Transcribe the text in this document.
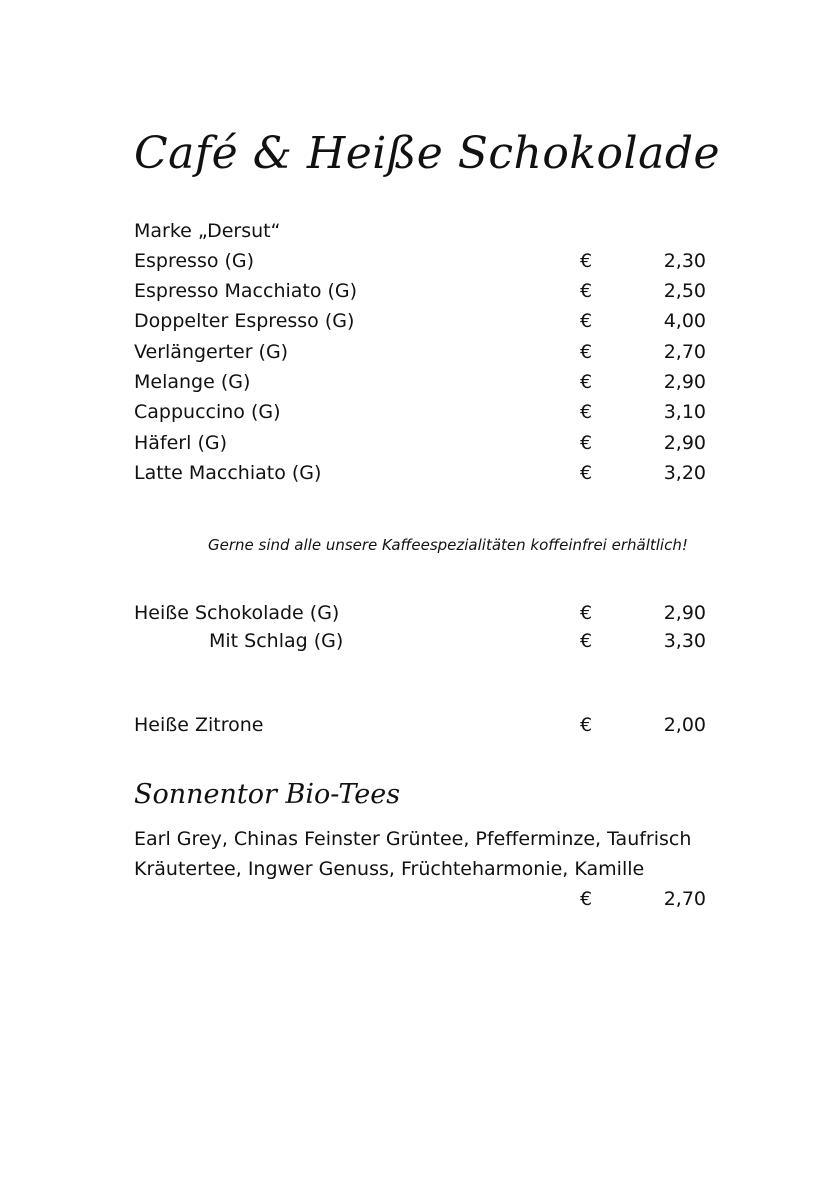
Café & Heiße Schokolade
Marke „Dersut“
Espresso (G)	€	2,30
Espresso Macchiato (G)	€	2,50
Doppelter Espresso (G)	€	4,00
Verlängerter (G)	€	2,70
Melange (G)	€	2,90
Cappuccino (G)	€	3,10
Häferl (G)	€	2,90
Latte Macchiato (G)	€	3,20
Gerne sind alle unsere Kaffeespezialitäten koffeinfrei erhältlich!
Heiße Schokolade (G)	€	2,90
Mit Schlag (G)	€	3,30
Heiße Zitrone	€	2,00
Sonnentor Bio-Tees
Earl Grey, Chinas Feinster Grüntee, Pfefferminze, Taufrisch
Kräutertee, Ingwer Genuss, Früchteharmonie, Kamille
€	2,70
